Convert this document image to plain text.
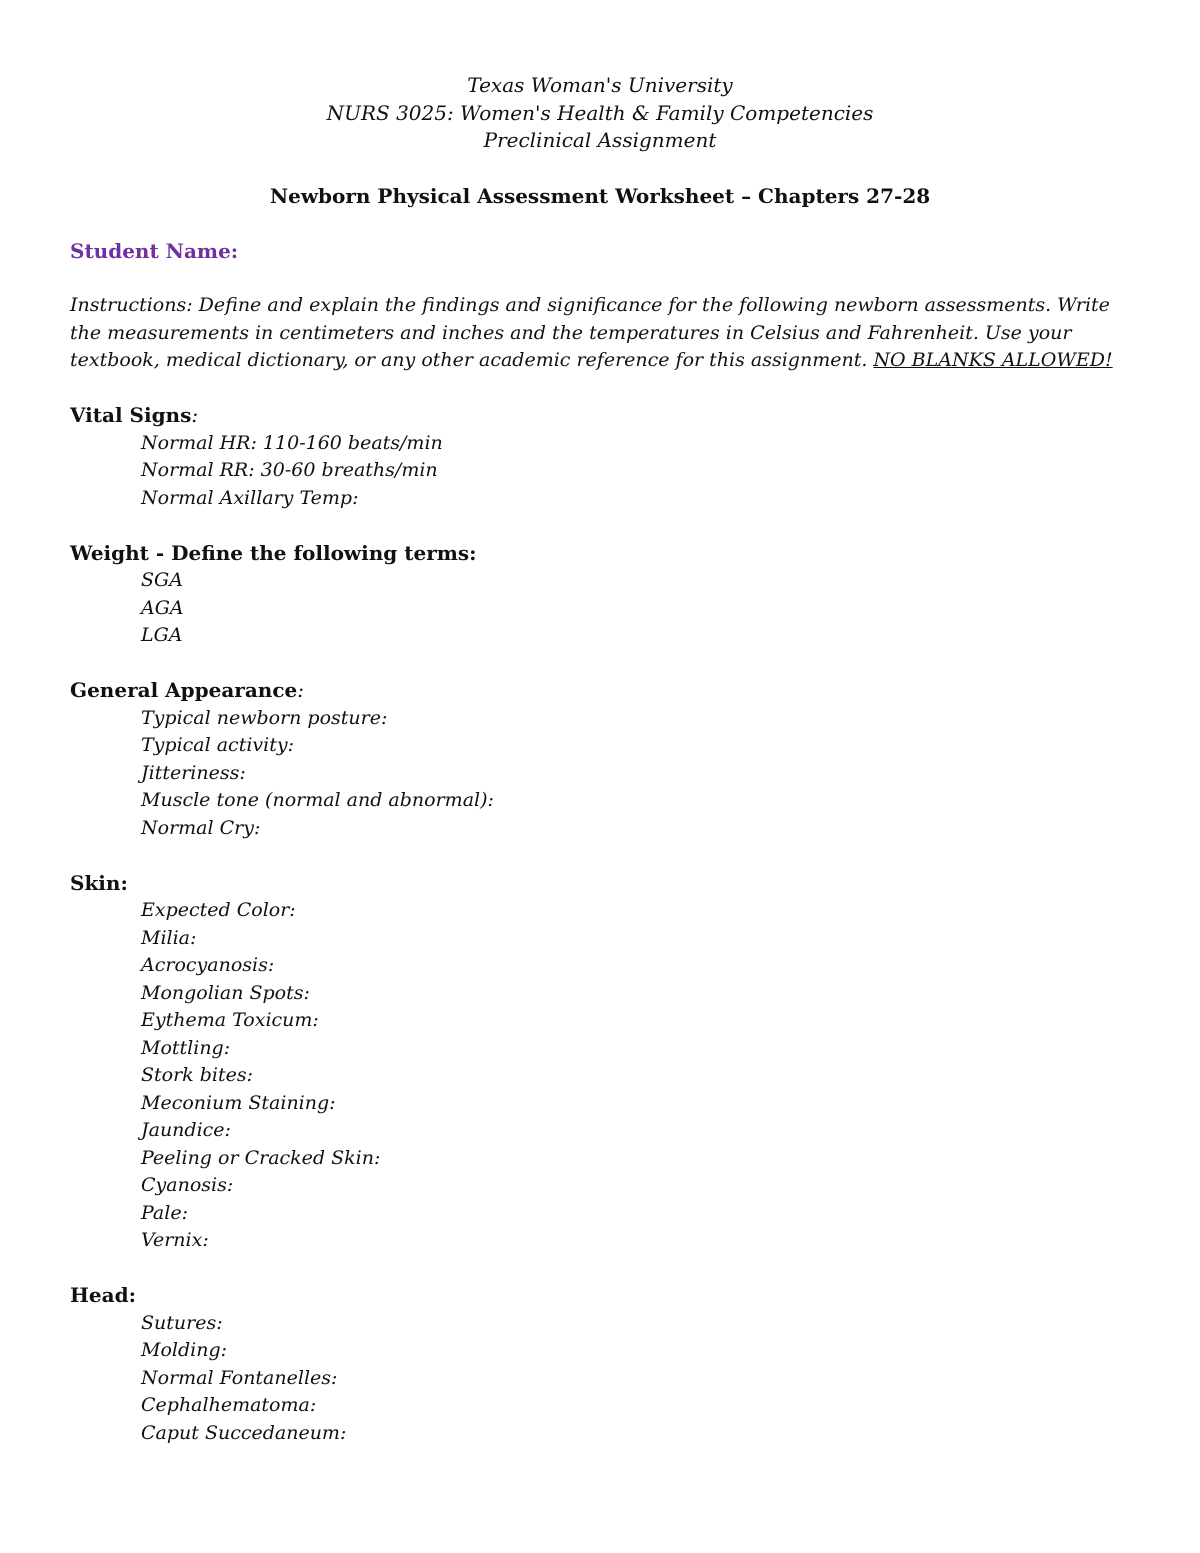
Texas Woman's University
NURS 3025: Women's Health & Family Competencies
Preclinical Assignment
Newborn Physical Assessment Worksheet – Chapters 27-28
Student Name:
Instructions: Define and explain the findings and significance for the following newborn assessments. Write the measurements in centimeters and inches and the temperatures in Celsius and Fahrenheit. Use your textbook, medical dictionary, or any other academic reference for this assignment. NO BLANKS ALLOWED!
Vital Signs:
Normal HR: 110-160 beats/min
Normal RR: 30-60 breaths/min
Normal Axillary Temp:
Weight - Define the following terms:
SGA
AGA
LGA
General Appearance:
Typical newborn posture:
Typical activity:
Jitteriness:
Muscle tone (normal and abnormal):
Normal Cry:
Skin:
Expected Color:
Milia:
Acrocyanosis:
Mongolian Spots:
Eythema Toxicum:
Mottling:
Stork bites:
Meconium Staining:
Jaundice:
Peeling or Cracked Skin:
Cyanosis:
Pale:
Vernix:
Head:
Sutures:
Molding:
Normal Fontanelles:
Cephalhematoma:
Caput Succedaneum:
